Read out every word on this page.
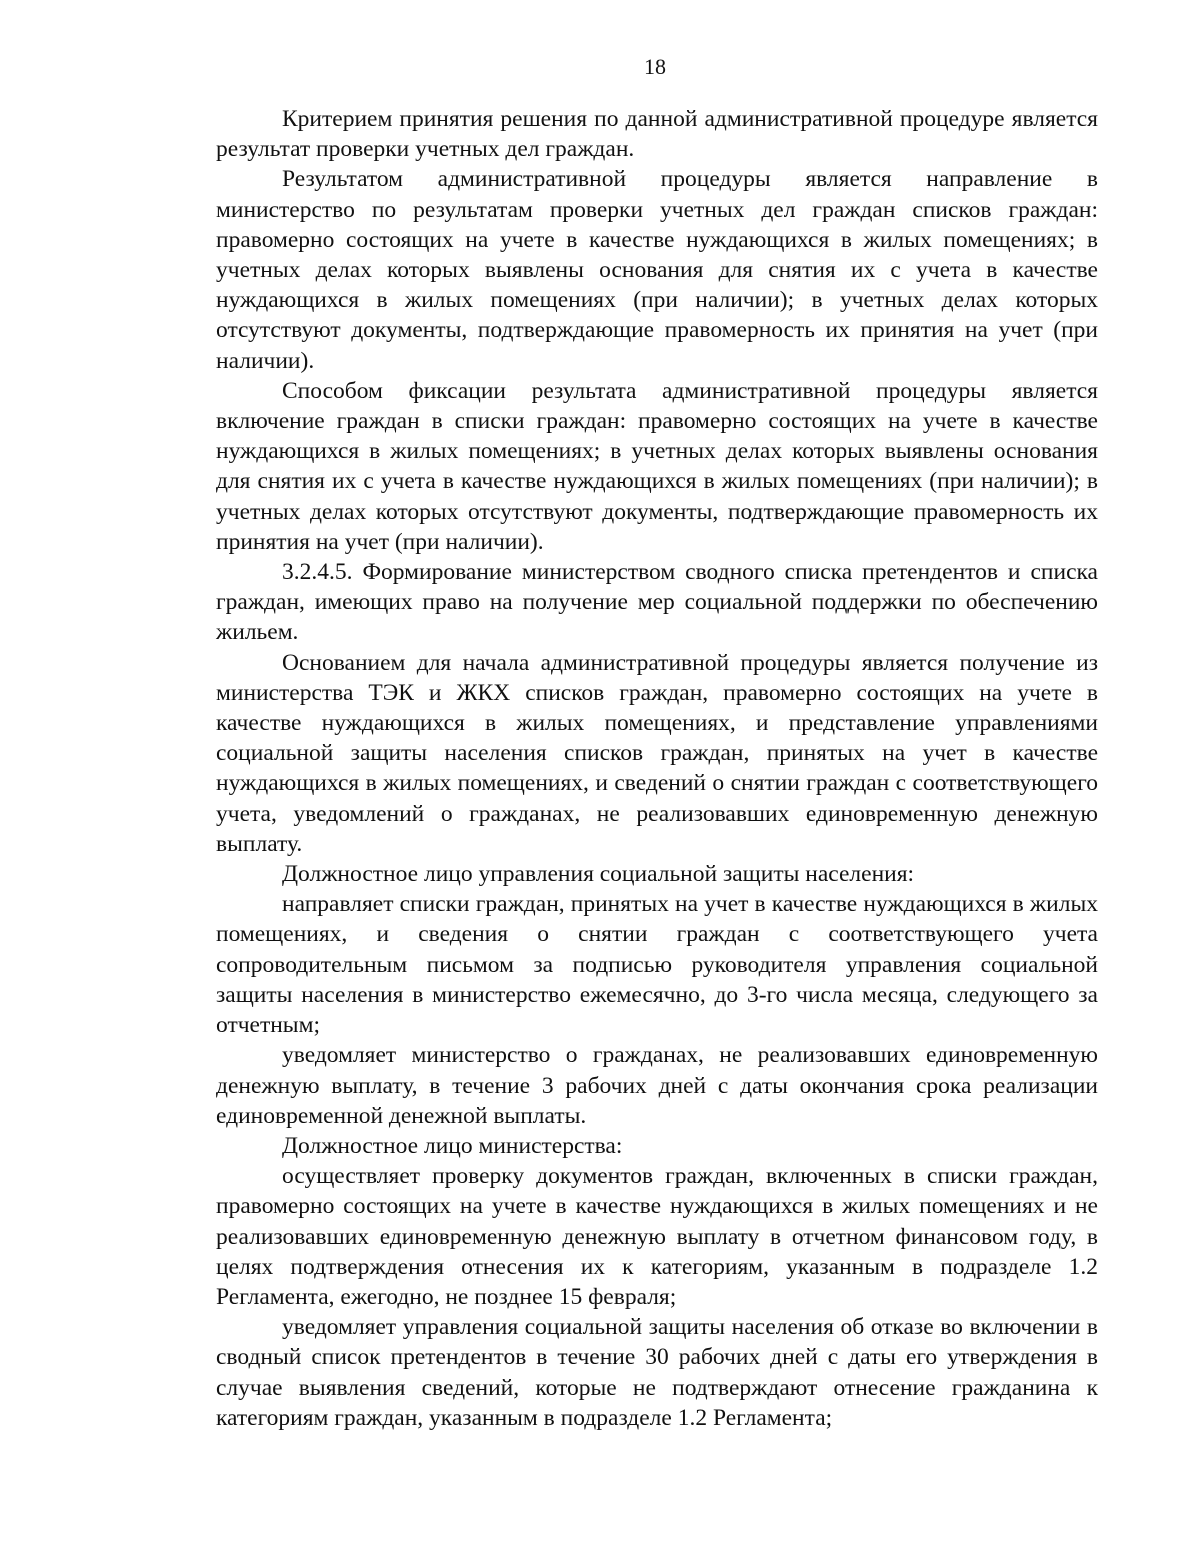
18

Критерием принятия решения по данной административной процедуре является результат проверки учетных дел граждан.

Результатом административной процедуры является направление в министерство по результатам проверки учетных дел граждан списков граждан: правомерно состоящих на учете в качестве нуждающихся в жилых помещениях; в учетных делах которых выявлены основания для снятия их с учета в качестве нуждающихся в жилых помещениях (при наличии); в учетных делах которых отсутствуют документы, подтверждающие правомерность их принятия на учет (при наличии).

Способом фиксации результата административной процедуры является включение граждан в списки граждан: правомерно состоящих на учете в качестве нуждающихся в жилых помещениях; в учетных делах которых выявлены основания для снятия их с учета в качестве нуждающихся в жилых помещениях (при наличии); в учетных делах которых отсутствуют документы, подтверждающие правомерность их принятия на учет (при наличии).

3.2.4.5. Формирование министерством сводного списка претендентов и списка граждан, имеющих право на получение мер социальной поддержки по обеспечению жильем.

Основанием для начала административной процедуры является получение из министерства ТЭК и ЖКХ списков граждан, правомерно состоящих на учете в качестве нуждающихся в жилых помещениях, и представление управлениями социальной защиты населения списков граждан, принятых на учет в качестве нуждающихся в жилых помещениях, и сведений о снятии граждан с соответствующего учета, уведомлений о гражданах, не реализовавших единовременную денежную выплату.

Должностное лицо управления социальной защиты населения:

направляет списки граждан, принятых на учет в качестве нуждающихся в жилых помещениях, и сведения о снятии граждан с соответствующего учета сопроводительным письмом за подписью руководителя управления социальной защиты населения в министерство ежемесячно, до 3-го числа месяца, следующего за отчетным;

уведомляет министерство о гражданах, не реализовавших единовременную денежную выплату, в течение 3 рабочих дней с даты окончания срока реализации единовременной денежной выплаты.

Должностное лицо министерства:

осуществляет проверку документов граждан, включенных в списки граждан, правомерно состоящих на учете в качестве нуждающихся в жилых помещениях и не реализовавших единовременную денежную выплату в отчетном финансовом году, в целях подтверждения отнесения их к категориям, указанным в подразделе 1.2 Регламента, ежегодно, не позднее 15 февраля;

уведомляет управления социальной защиты населения об отказе во включении в сводный список претендентов в течение 30 рабочих дней с даты его утверждения в случае выявления сведений, которые не подтверждают отнесение гражданина к категориям граждан, указанным в подразделе 1.2 Регламента;
